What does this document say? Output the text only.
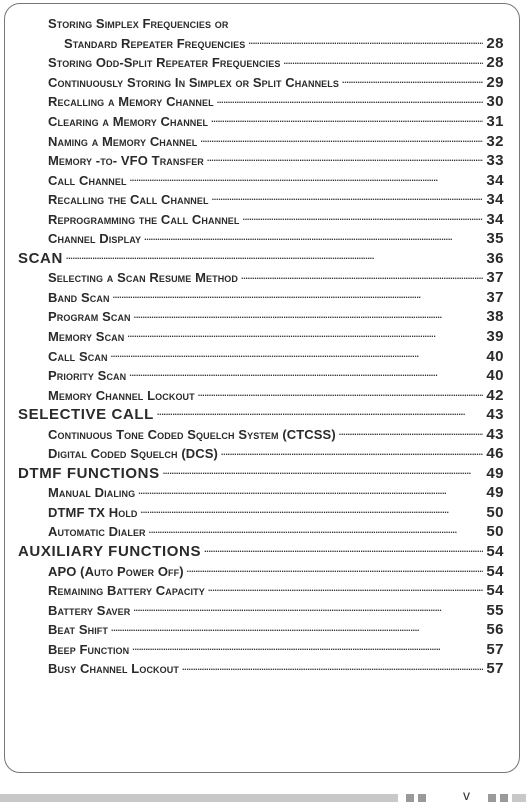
Storing Simplex Frequencies or
Standard Repeater Frequencies . . .	28
Storing Odd-Split Repeater Frequencies . . .	28
Continuously Storing In Simplex or Split Channels . . .	29
Recalling a Memory Channel . . .	30
Clearing a Memory Channel . . .	31
Naming a Memory Channel . . .	32
Memory -to- VFO Transfer . . .	33
Call Channel . . .	34
Recalling the Call Channel . . .	34
Reprogramming the Call Channel . . .	34
Channel Display . . .	35
SCAN . . .	36
Selecting a Scan Resume Method . . .	37
Band Scan . . .	37
Program Scan . . .	38
Memory Scan . . .	39
Call Scan . . .	40
Priority Scan . . .	40
Memory Channel Lockout . . .	42
SELECTIVE CALL . . .	43
Continuous Tone Coded Squelch System (CTCSS) . . .	43
Digital Coded Squelch (DCS) . . .	46
DTMF FUNCTIONS . . .	49
Manual Dialing . . .	49
DTMF TX Hold . . .	50
Automatic Dialer . . .	50
AUXILIARY FUNCTIONS . . .	54
APO (Auto Power Off) . . .	54
Remaining Battery Capacity . . .	54
Battery Saver . . .	55
Beat Shift . . .	56
Beep Function . . .	57
Busy Channel Lockout . . .	57
v
